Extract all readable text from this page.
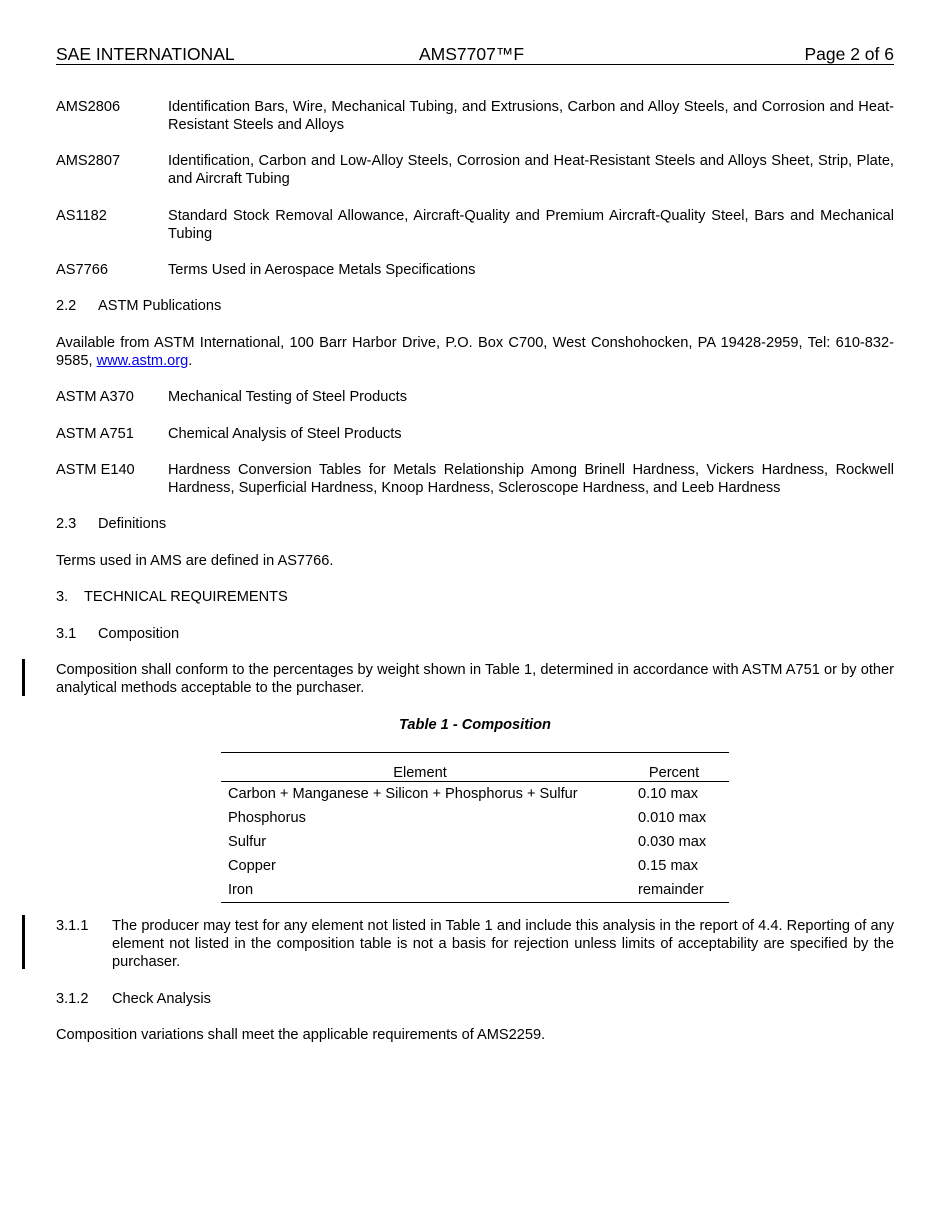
SAE INTERNATIONAL	AMS7707™F	Page 2 of 6
AMS2806	Identification Bars, Wire, Mechanical Tubing, and Extrusions, Carbon and Alloy Steels, and Corrosion and Heat-Resistant Steels and Alloys
AMS2807	Identification, Carbon and Low-Alloy Steels, Corrosion and Heat-Resistant Steels and Alloys Sheet, Strip, Plate, and Aircraft Tubing
AS1182	Standard Stock Removal Allowance, Aircraft-Quality and Premium Aircraft-Quality Steel, Bars and Mechanical Tubing
AS7766	Terms Used in Aerospace Metals Specifications
2.2 ASTM Publications
Available from ASTM International, 100 Barr Harbor Drive, P.O. Box C700, West Conshohocken, PA 19428-2959, Tel: 610-832-9585, www.astm.org.
ASTM A370 Mechanical Testing of Steel Products
ASTM A751 Chemical Analysis of Steel Products
ASTM E140 Hardness Conversion Tables for Metals Relationship Among Brinell Hardness, Vickers Hardness, Rockwell Hardness, Superficial Hardness, Knoop Hardness, Scleroscope Hardness, and Leeb Hardness
2.3 Definitions
Terms used in AMS are defined in AS7766.
3. TECHNICAL REQUIREMENTS
3.1 Composition
Composition shall conform to the percentages by weight shown in Table 1, determined in accordance with ASTM A751 or by other analytical methods acceptable to the purchaser.
Table 1 - Composition
Element	Percent
Carbon + Manganese + Silicon + Phosphorus + Sulfur	0.10 max
Phosphorus	0.010 max
Sulfur	0.030 max
Copper	0.15 max
Iron	remainder
3.1.1 The producer may test for any element not listed in Table 1 and include this analysis in the report of 4.4. Reporting of any element not listed in the composition table is not a basis for rejection unless limits of acceptability are specified by the purchaser.
3.1.2 Check Analysis
Composition variations shall meet the applicable requirements of AMS2259.
